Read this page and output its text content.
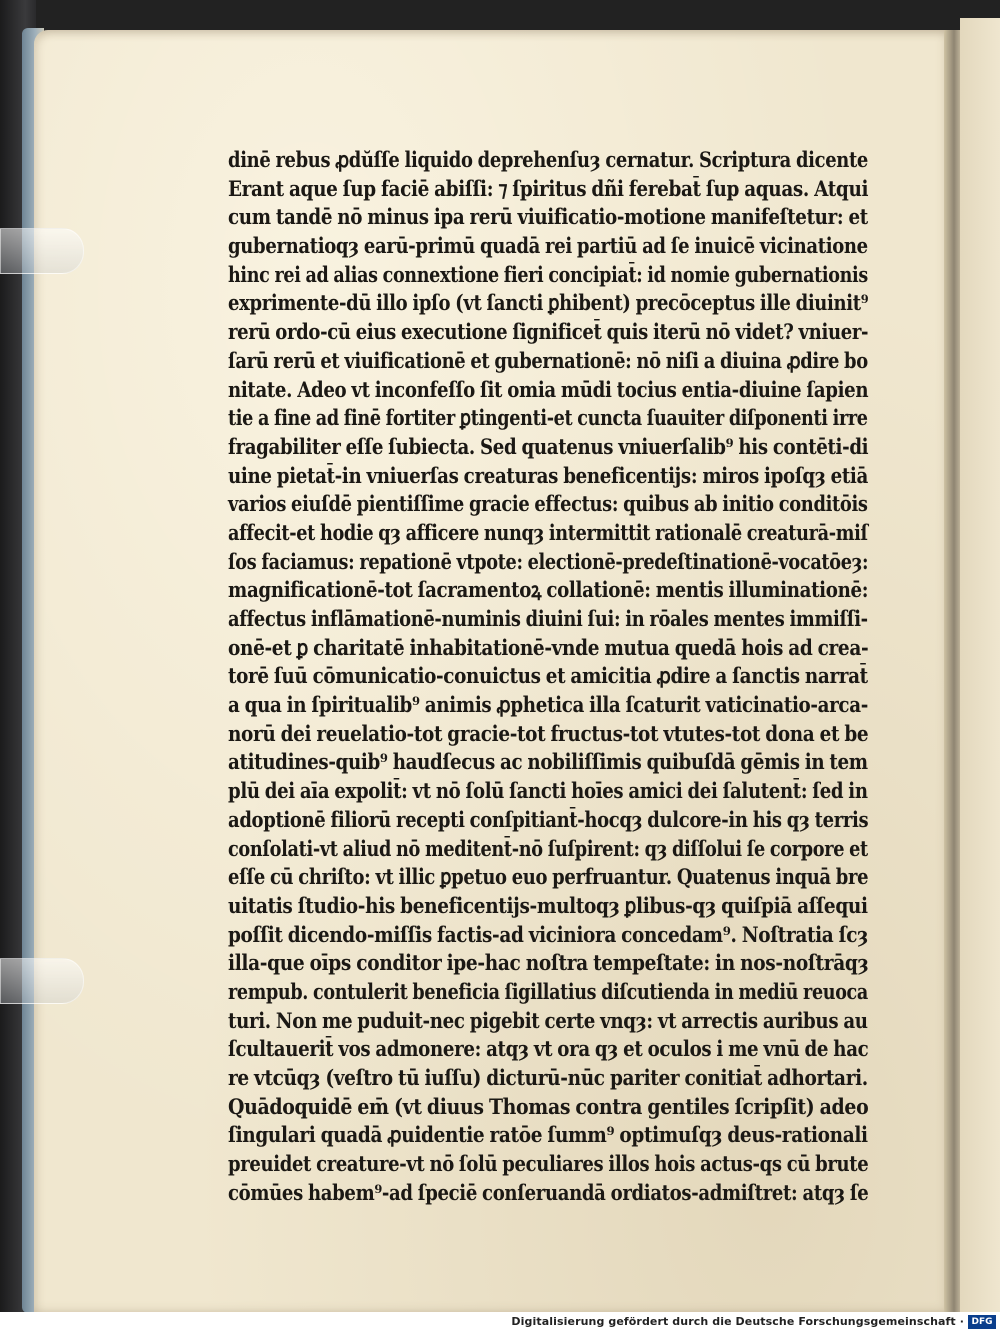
dinē rebus ꝓdŭſſe liquido deprehenſuȝ cernatur. Scriptura dicente
Erant aque ſup faciē abiſſi: ⁊ ſpiritus dñi ferebat̄ ſup aquas. Atqui
cum tandē nō minus ipa rerū viuificatio-motione manifeſtetur: et
gubernatioqȝ earū-primū quadā rei partiū ad ſe inuicē vicinatione
hinc rei ad alias connextione fieri concipiat̄: id nomie gubernationis
exprimente-dū illo ipſo (vt ſancti ꝑhibent) precōceptus ille diuinit⁹
rerū ordo-cū eius executione ſignificet̄ quis iterū nō videt? vniuer-
ſarū rerū et viuificationē et gubernationē: nō niſi a diuina ꝓdire bo
nitate. Adeo vt inconfeſſo ſit omia mūdi tocius entia-diuine ſapien
tie a fine ad finē fortiter ꝑtingenti-et cuncta ſuauiter diſponenti irre
fragabiliter eſſe ſubiecta. Sed quatenus vniuerſalib⁹ his contēti-di
uine pietat̄-in vniuerſas creaturas beneficentijs: miros ipoſqȝ etiā
varios eiuſdē pientiſſime gracie effectus: quibus ab initio conditōis
affecit-et hodie qȝ afficere nunqȝ intermittit rationalē creaturā-miſ
ſos faciamus: repationē vtpote: electionē-predeſtinationē-vocatōeȝ:
magnificationē-tot ſacramentoꝝ collationē: mentis illuminationē:
affectus inflāmationē-numinis diuini ſui: in rōales mentes immiſſi-
onē-et ꝑ charitatē inhabitationē-vnde mutua quedā hois ad crea-
torē ſuū cōmunicatio-conuictus et amicitia ꝓdire a ſanctis narrat̄
a qua in ſpiritualib⁹ animis ꝓphetica illa ſcaturit vaticinatio-arca-
norū dei reuelatio-tot gracie-tot fructus-tot vtutes-tot dona et be
atitudines-quib⁹ haudſecus ac nobiliſſimis quibuſdā gēmis in tem
plū dei aīa expolit̄: vt nō ſolū ſancti hoīes amici dei ſalutent̄: ſed in
adoptionē filiorū recepti conſpitiant̄-hocqȝ dulcore-in his qȝ terris
conſolati-vt aliud nō meditent̄-nō ſuſpirent: qȝ diſſolui ſe corpore et
eſſe cū chriſto: vt illic ꝑpetuo euo perfruantur. Quatenus inquā bre
uitatis ſtudio-his beneficentijs-multoqȝ ꝑlibus-qȝ quiſpiā aſſequi
poſſit dicendo-miſſis factis-ad viciniora concedam⁹. Noſtratia ſcȝ
illa-que oīps conditor ipe-hac noſtra tempeſtate: in nos-noſtrāqȝ
rempub. contulerit beneficia ſigillatius diſcutienda in mediū reuoca
turi. Non me puduit-nec pigebit certe vnqȝ: vt arrectis auribus au
ſcultauerit̄ vos admonere: atqȝ vt ora qȝ et oculos i me vnū de hac
re vtcūqȝ (veſtro tū iuſſu) dicturū-nūc pariter conitiat̄ adhortari.
Quādoquidē em̄ (vt diuus Thomas contra gentiles ſcripſit) adeo
ſingulari quadā ꝓuidentie ratōe ſumm⁹ optimuſqȝ deus-rationali
preuidet creature-vt nō ſolū peculiares illos hois actus-qs cū brute
cōmūes habem⁹-ad ſpeciē conſeruandā ordiatos-admiſtret: atqȝ ſe
Digitalisierung gefördert durch die Deutsche Forschungsgemeinschaft · DFG
